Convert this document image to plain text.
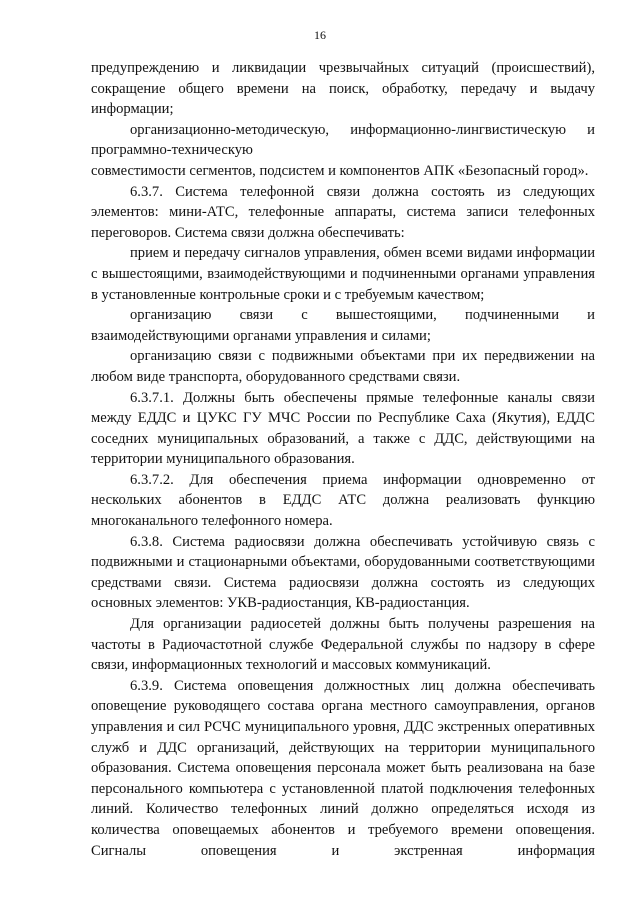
16

предупреждению и ликвидации чрезвычайных ситуаций (происшествий), сокращение общего времени на поиск, обработку, передачу и выдачу информации;

организационно-методическую, информационно-лингвистическую и программно-техническую

совместимости сегментов, подсистем и компонентов АПК «Безопасный город».

6.3.7. Система телефонной связи должна состоять из следующих элементов: мини-АТС, телефонные аппараты, система записи телефонных переговоров. Система связи должна обеспечивать:

прием и передачу сигналов управления, обмен всеми видами информации с вышестоящими, взаимодействующими и подчиненными органами управления в установленные контрольные сроки и с требуемым качеством;

организацию связи с вышестоящими, подчиненными и взаимодействующими органами управления и силами;

организацию связи с подвижными объектами при их передвижении на любом виде транспорта, оборудованного средствами связи.

6.3.7.1. Должны быть обеспечены прямые телефонные каналы связи между ЕДДС и ЦУКС ГУ МЧС России по Республике Саха (Якутия), ЕДДС соседних муниципальных образований, а также с ДДС, действующими на территории муниципального образования.

6.3.7.2. Для обеспечения приема информации одновременно от нескольких абонентов в ЕДДС АТС должна реализовать функцию многоканального телефонного номера.

6.3.8. Система радиосвязи должна обеспечивать устойчивую связь с подвижными и стационарными объектами, оборудованными соответствующими средствами связи. Система радиосвязи должна состоять из следующих основных элементов: УКВ-радиостанция, КВ-радиостанция.

Для организации радиосетей должны быть получены разрешения на частоты в Радиочастотной службе Федеральной службы по надзору в сфере связи, информационных технологий и массовых коммуникаций.

6.3.9. Система оповещения должностных лиц должна обеспечивать оповещение руководящего состава органа местного самоуправления, органов управления и сил РСЧС муниципального уровня, ДДС экстренных оперативных служб и ДДС организаций, действующих на территории муниципального образования. Система оповещения персонала может быть реализована на базе персонального компьютера с установленной платой подключения телефонных линий. Количество телефонных линий должно определяться исходя из количества оповещаемых абонентов и требуемого времени оповещения. Сигналы оповещения и экстренная информация
